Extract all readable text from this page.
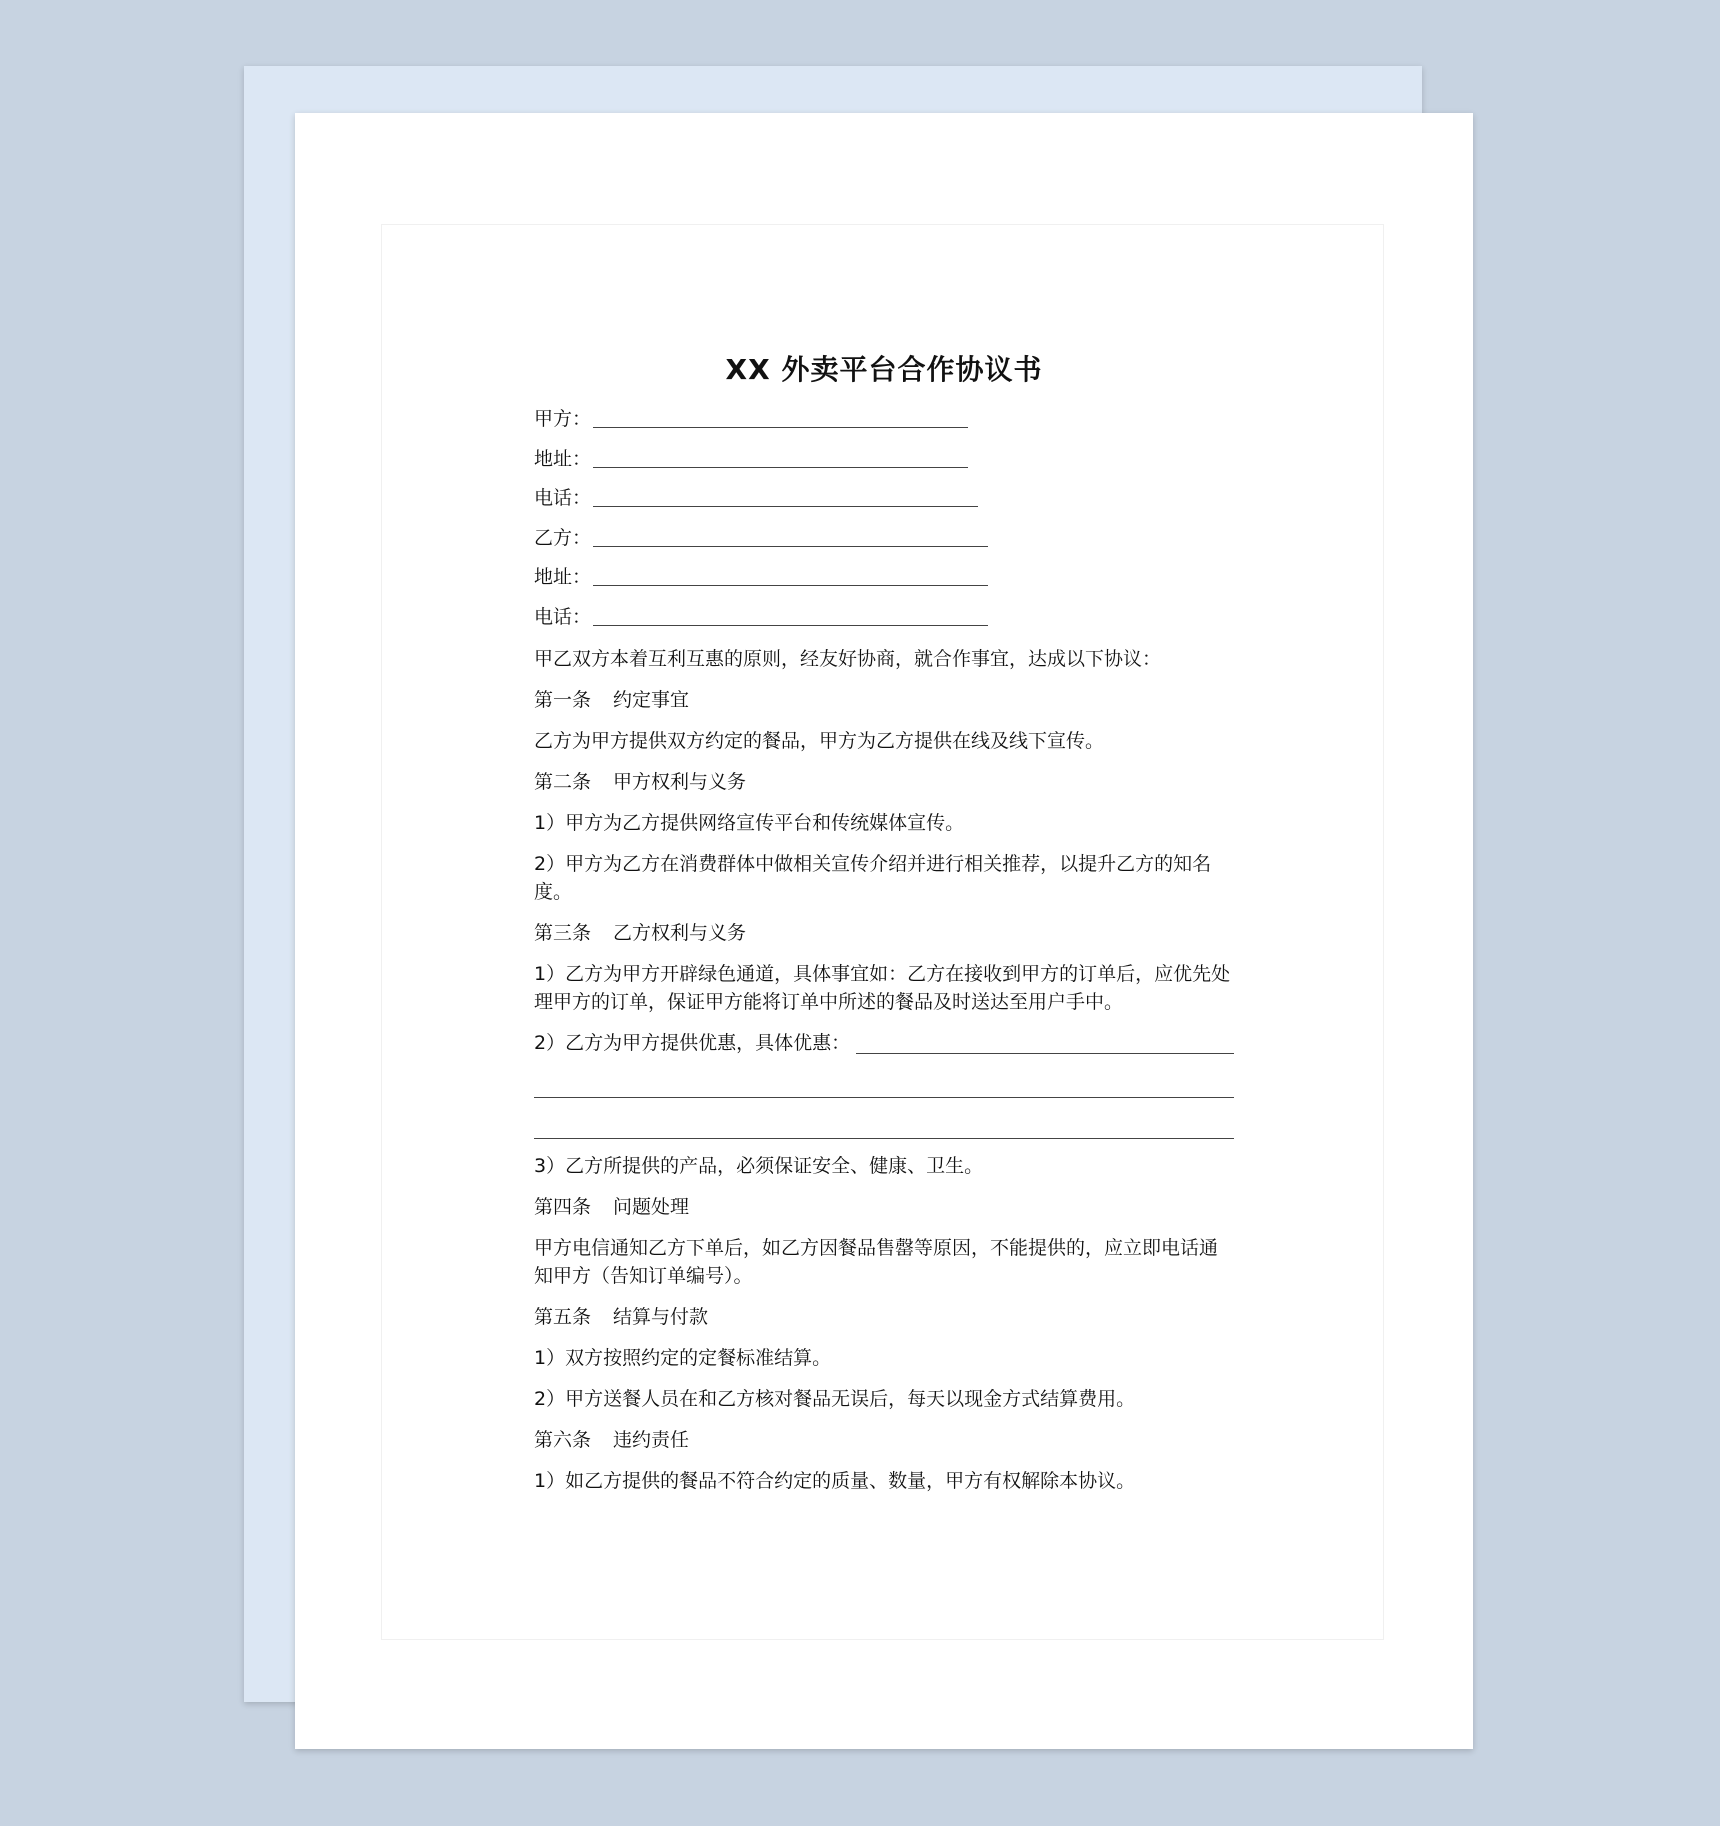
XX 外卖平台合作协议书
甲方：
地址：
电话：
乙方：
地址：
电话：

甲乙双方本着互利互惠的原则，经友好协商，就合作事宜，达成以下协议：

第一条 约定事宜

乙方为甲方提供双方约定的餐品，甲方为乙方提供在线及线下宣传。

第二条 甲方权利与义务

1）甲方为乙方提供网络宣传平台和传统媒体宣传。

2）甲方为乙方在消费群体中做相关宣传介绍并进行相关推荐，以提升乙方的知名度。

第三条 乙方权利与义务

1）乙方为甲方开辟绿色通道，具体事宜如：乙方在接收到甲方的订单后，应优先处理甲方的订单，保证甲方能将订单中所述的餐品及时送达至用户手中。

2）乙方为甲方提供优惠，具体优惠：

3）乙方所提供的产品，必须保证安全、健康、卫生。

第四条 问题处理

甲方电信通知乙方下单后，如乙方因餐品售罄等原因，不能提供的，应立即电话通知甲方（告知订单编号）。

第五条 结算与付款

1）双方按照约定的定餐标准结算。

2）甲方送餐人员在和乙方核对餐品无误后，每天以现金方式结算费用。

第六条 违约责任

1）如乙方提供的餐品不符合约定的质量、数量，甲方有权解除本协议。
